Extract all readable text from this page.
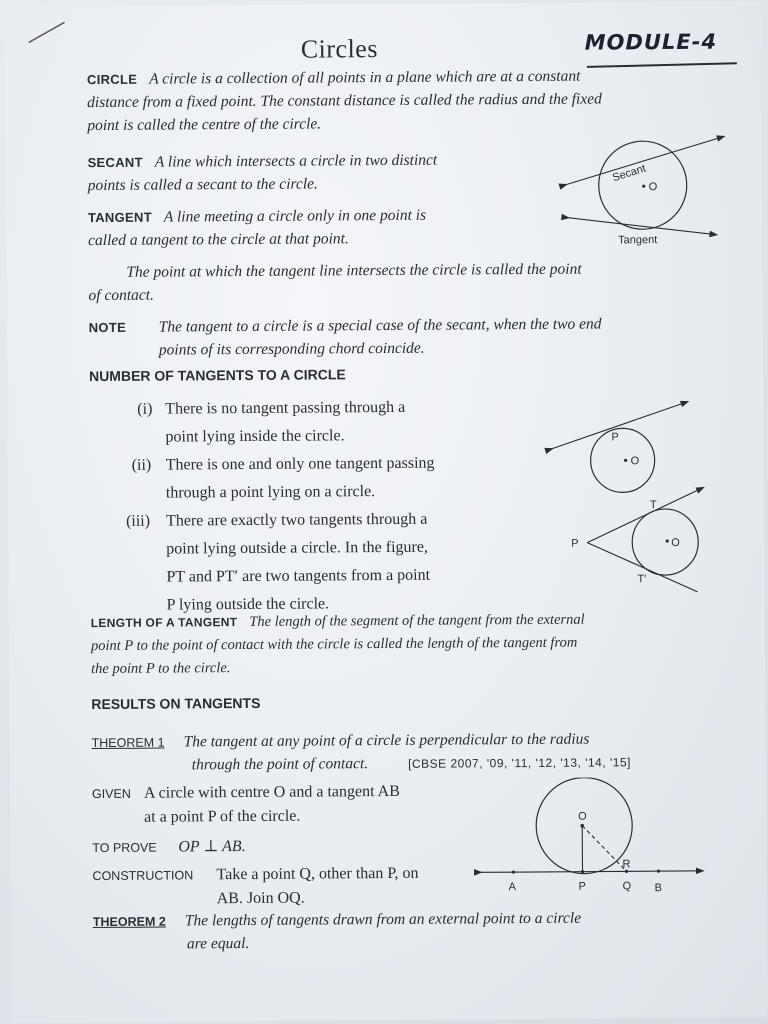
Circles	MODULE-4
CIRCLE A circle is a collection of all points in a plane which are at a constant
distance from a fixed point. The constant distance is called the radius and the fixed
point is called the centre of the circle.
SECANT A line which intersects a circle in two distinct
points is called a secant to the circle.
TANGENT A line meeting a circle only in one point is
called a tangent to the circle at that point.
Secant
O
Tangent
The point at which the tangent line intersects the circle is called the point
of contact.
NOTE The tangent to a circle is a special case of the secant, when the two end
points of its corresponding chord coincide.
NUMBER OF TANGENTS TO A CIRCLE
(i) There is no tangent passing through a
point lying inside the circle.
(ii) There is one and only one tangent passing
through a point lying on a circle.
(iii) There are exactly two tangents through a
point lying outside a circle. In the figure,
PT and PT′ are two tangents from a point
P lying outside the circle.
P
O
T
P	O
T′
LENGTH OF A TANGENT The length of the segment of the tangent from the external
point P to the point of contact with the circle is called the length of the tangent from
the point P to the circle.
RESULTS ON TANGENTS
THEOREM 1 The tangent at any point of a circle is perpendicular to the radius
through the point of contact.	[CBSE 2007, '09, '11, '12, '13, '14, '15]
GIVEN A circle with centre O and a tangent AB
at a point P of the circle.
TO PROVE OP ⊥ AB.
CONSTRUCTION Take a point Q, other than P, on
AB. Join OQ.
O
R
A	P	Q B
THEOREM 2 The lengths of tangents drawn from an external point to a circle
are equal.
